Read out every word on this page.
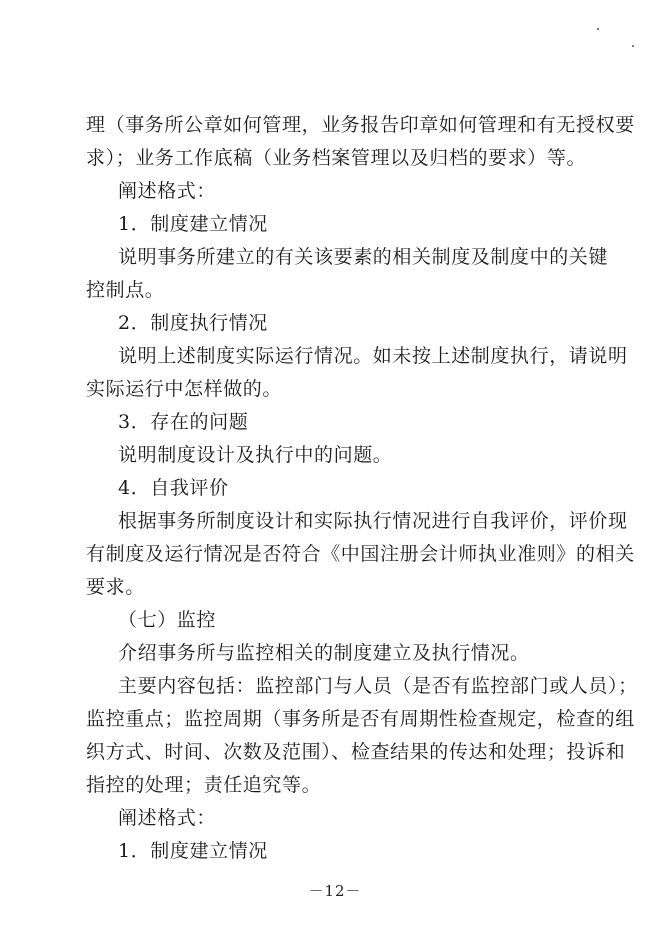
理（事务所公章如何管理，业务报告印章如何管理和有无授权要
求）；业务工作底稿（业务档案管理以及归档的要求）等。
阐述格式：
1．制度建立情况
说明事务所建立的有关该要素的相关制度及制度中的关键
控制点。
2．制度执行情况
说明上述制度实际运行情况。如未按上述制度执行，请说明
实际运行中怎样做的。
3．存在的问题
说明制度设计及执行中的问题。
4．自我评价
根据事务所制度设计和实际执行情况进行自我评价，评价现
有制度及运行情况是否符合《中国注册会计师执业准则》的相关
要求。
（七）监控
介绍事务所与监控相关的制度建立及执行情况。
主要内容包括：监控部门与人员（是否有监控部门或人员）；
监控重点；监控周期（事务所是否有周期性检查规定，检查的组
织方式、时间、次数及范围）、检查结果的传达和处理；投诉和
指控的处理；责任追究等。
阐述格式：
1．制度建立情况
－12－
